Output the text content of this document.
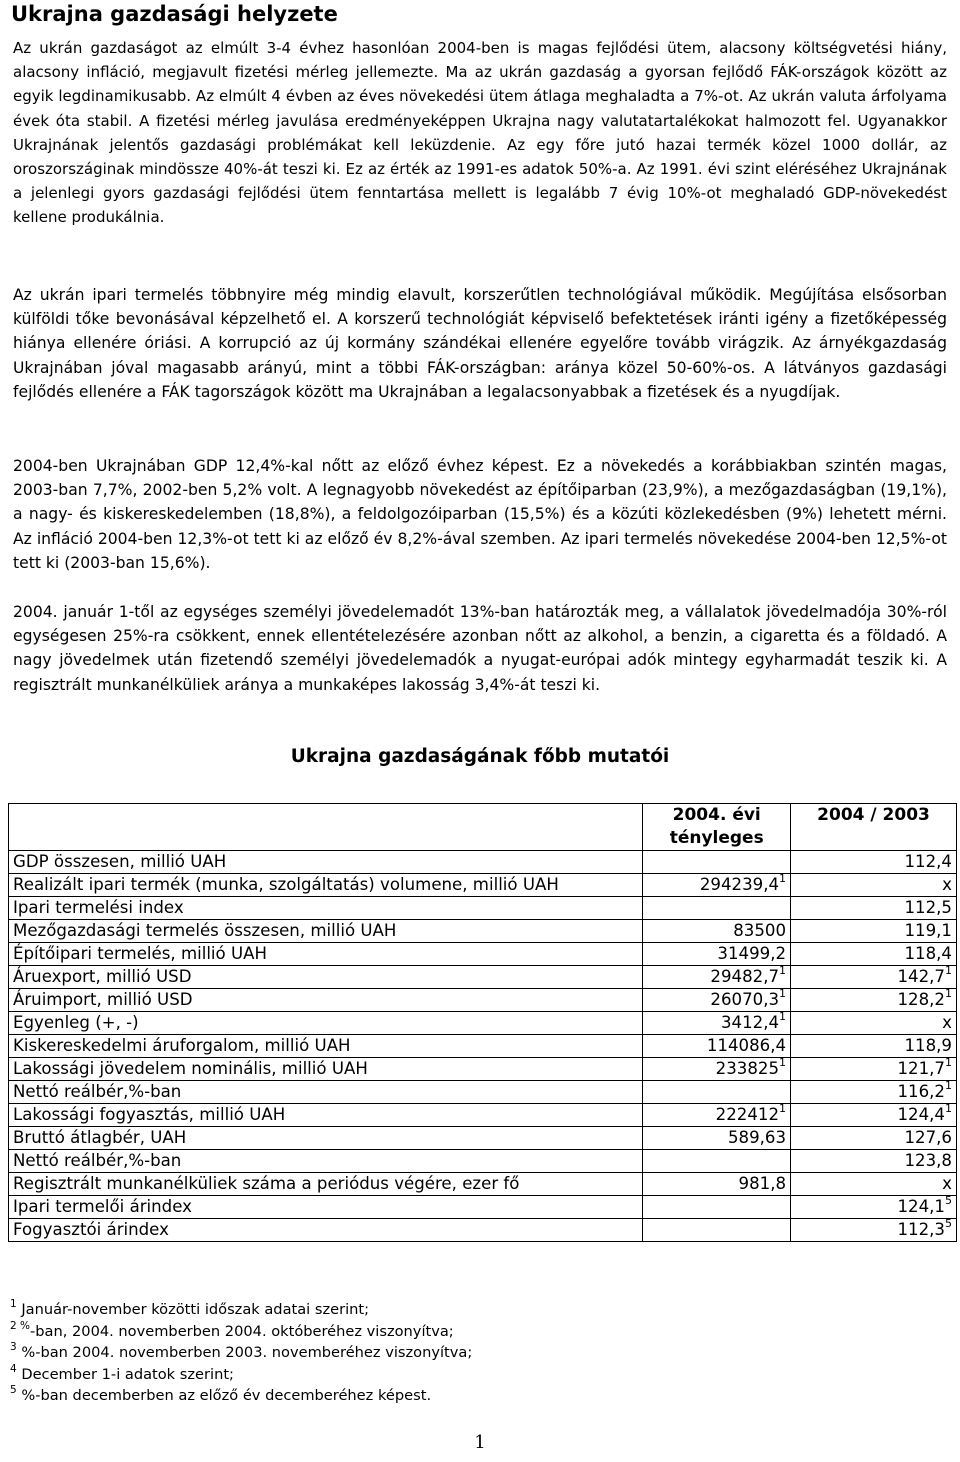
Ukrajna gazdasági helyzete

Az ukrán gazdaságot az elmúlt 3-4 évhez hasonlóan 2004-ben is magas fejlődési ütem, alacsony költségvetési hiány, alacsony infláció, megjavult fizetési mérleg jellemezte. Ma az ukrán gazdaság a gyorsan fejlődő FÁK-országok között az egyik legdinamikusabb. Az elmúlt 4 évben az éves növekedési ütem átlaga meghaladta a 7%-ot. Az ukrán valuta árfolyama évek óta stabil. A fizetési mérleg javulása eredményeképpen Ukrajna nagy valutatartalékokat halmozott fel. Ugyanakkor Ukrajnának jelentős gazdasági problémákat kell leküzdenie. Az egy főre jutó hazai termék közel 1000 dollár, az oroszországinak mindössze 40%-át teszi ki. Ez az érték az 1991-es adatok 50%-a. Az 1991. évi szint eléréséhez Ukrajnának a jelenlegi gyors gazdasági fejlődési ütem fenntartása mellett is legalább 7 évig 10%-ot meghaladó GDP-növekedést kellene produkálnia.

Az ukrán ipari termelés többnyire még mindig elavult, korszerűtlen technológiával működik. Megújítása elsősorban külföldi tőke bevonásával képzelhető el. A korszerű technológiát képviselő befektetések iránti igény a fizetőképesség hiánya ellenére óriási. A korrupció az új kormány szándékai ellenére egyelőre tovább virágzik. Az árnyékgazdaság Ukrajnában jóval magasabb arányú, mint a többi FÁK-országban: aránya közel 50-60%-os. A látványos gazdasági fejlődés ellenére a FÁK tagországok között ma Ukrajnában a legalacsonyabbak a fizetések és a nyugdíjak.

2004-ben Ukrajnában GDP 12,4%-kal nőtt az előző évhez képest. Ez a növekedés a korábbiakban szintén magas, 2003-ban 7,7%, 2002-ben 5,2% volt. A legnagyobb növekedést az építőiparban (23,9%), a mezőgazdaságban (19,1%), a nagy- és kiskereskedelemben (18,8%), a feldolgozóiparban (15,5%) és a közúti közlekedésben (9%) lehetett mérni. Az infláció 2004-ben 12,3%-ot tett ki az előző év 8,2%-ával szemben. Az ipari termelés növekedése 2004-ben 12,5%-ot tett ki (2003-ban 15,6%).

2004. január 1-től az egységes személyi jövedelemadót 13%-ban határozták meg, a vállalatok jövedelmadója 30%-ról egységesen 25%-ra csökkent, ennek ellentételezésére azonban nőtt az alkohol, a benzin, a cigaretta és a földadó. A nagy jövedelmek után fizetendő személyi jövedelemadók a nyugat-európai adók mintegy egyharmadát teszik ki. A regisztrált munkanélküliek aránya a munkaképes lakosság 3,4%-át teszi ki.

Ukrajna gazdaságának főbb mutatói
	2004. évi tényleges	2004 / 2003
GDP összesen, millió UAH		112,4
Realizált ipari termék (munka, szolgáltatás) volumene, millió UAH	294239,4$^1$	x
Ipari termelési index		112,5
Mezőgazdasági termelés összesen, millió UAH	83500	119,1
Építőipari termelés, millió UAH	31499,2	118,4
Áruexport, millió USD	29482,7$^1$	142,7$^1$
Áruimport, millió USD	26070,3$^1$	128,2$^1$
Egyenleg (+, -)	3412,4$^1$	x
Kiskereskedelmi áruforgalom, millió UAH	114086,4	118,9
Lakossági jövedelem nominális, millió UAH	233825$^1$	121,7$^1$
Nettó reálbér,%-ban		116,2$^1$
Lakossági fogyasztás, millió UAH	222412$^1$	124,4$^1$
Bruttó átlagbér, UAH	589,63	127,6
Nettó reálbér,%-ban		123,8
Regisztrált munkanélküliek száma a periódus végére, ezer fő	981,8	x
Ipari termelői árindex		124,1$^5$
Fogyasztói árindex		112,3$^5$
$^1$ Január-november közötti időszak adatai szerint;
$^{2 \%}$-ban, 2004. novemberben 2004. októberéhez viszonyítva;
$^3$ %-ban 2004. novemberben 2003. novemberéhez viszonyítva;
$^4$ December 1-i adatok szerint;
$^5$ %-ban decemberben az előző év decemberéhez képest.
1
